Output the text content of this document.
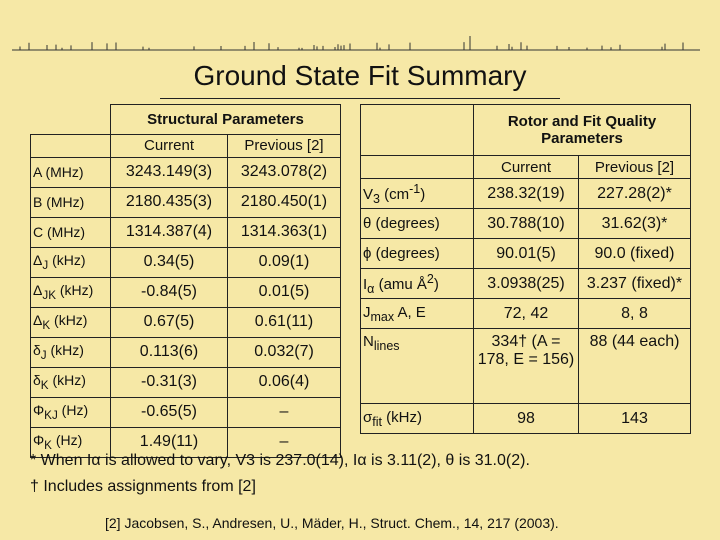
Ground State Fit Summary
	Structural Parameters	
	Current	Previous [2]
A (MHz)	3243.149(3)	3243.078(2)
B (MHz)	2180.435(3)	2180.450(1)
C (MHz)	1314.387(4)	1314.363(1)
$\Delta_J$ (kHz)	0.34(5)	0.09(1)
$\Delta_{JK}$ (kHz)	-0.84(5)	0.01(5)
$\Delta_K$ (kHz)	0.67(5)	0.61(11)
$\delta_J$ (kHz)	0.113(6)	0.032(7)
$\delta_K$ (kHz)	-0.31(3)	0.06(4)
$\Phi_{KJ}$ (Hz)	-0.65(5)	–
$\Phi_K$ (Hz)	1.49(11)	–
	Rotor and Fit Quality Parameters	

	Current	Previous [2]
$V_3$ $(cm^{-1})$	238.32(19)	227.28(2)*
θ (degrees)	30.788(10)	31.62(3)*
ϕ (degrees)	90.01(5)	90.0 (fixed)
$I_\alpha$ (amu $Å^2$)	3.0938(25)	3.237 (fixed)*
$J_{max}$ A, E	72, 42	8, 8
$N_{lines}$	334† (A = 178, E = 156)	88 (44 each)
$\sigma_{fit}$ (kHz)	98	143
* When Iα is allowed to vary, V3 is 237.0(14), Iα is 3.11(2), θ is 31.0(2).
† Includes assignments from [2]
[2] Jacobsen, S., Andresen, U., Mäder, H., Struct. Chem., 14, 217 (2003).
